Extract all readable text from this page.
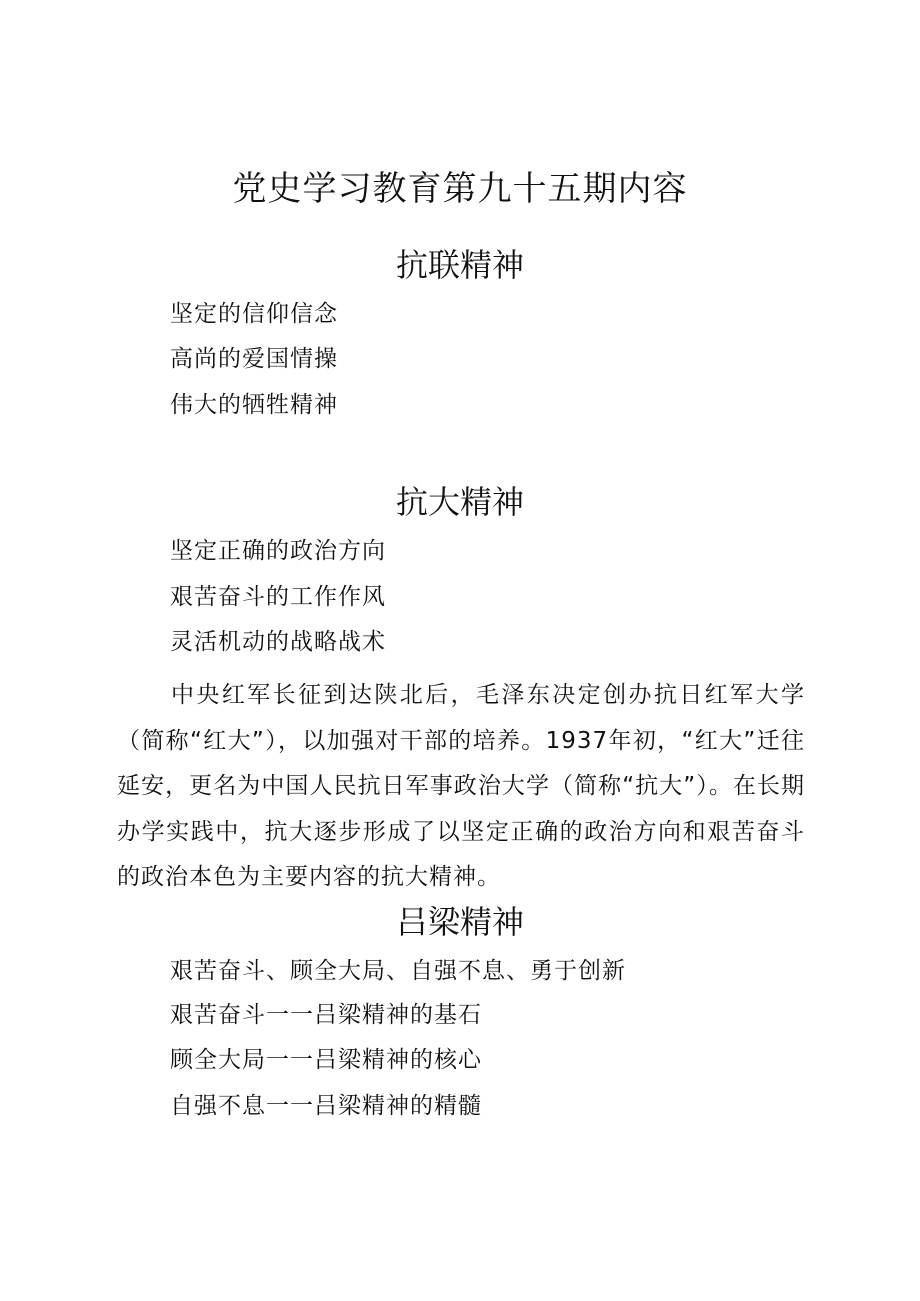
党史学习教育第九十五期内容
抗联精神

坚定的信仰信念

高尚的爱国情操

伟大的牺牲精神

抗大精神

坚定正确的政治方向

艰苦奋斗的工作作风

灵活机动的战略战术

中央红军长征到达陕北后，毛泽东决定创办抗日红军大学（简称“红大”），以加强对干部的培养。1937年初，“红大”迁往延安，更名为中国人民抗日军事政治大学（简称“抗大”）。在长期办学实践中，抗大逐步形成了以坚定正确的政治方向和艰苦奋斗的政治本色为主要内容的抗大精神。

吕梁精神

艰苦奋斗、顾全大局、自强不息、勇于创新

艰苦奋斗一一吕梁精神的基石

顾全大局一一吕梁精神的核心

自强不息一一吕梁精神的精髓
